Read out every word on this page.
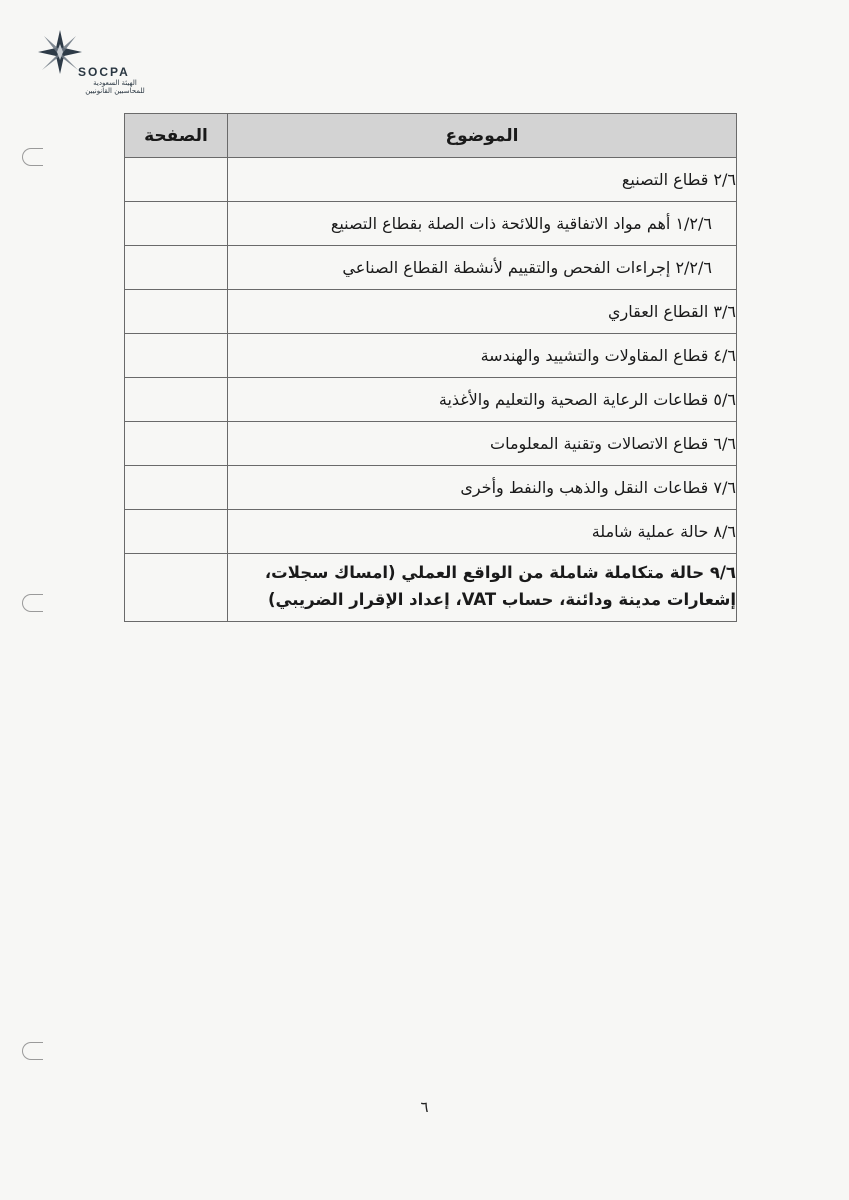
SOCPA
الهيئة السعودية
للمحاسبين القانونيين
الموضوع	الصفحة
٢/٦ قطاع التصنيع	
١/٢/٦ أهم مواد الاتفاقية واللائحة ذات الصلة بقطاع التصنيع	
٢/٢/٦ إجراءات الفحص والتقييم لأنشطة القطاع الصناعي	
٣/٦ القطاع العقاري	
٤/٦ قطاع المقاولات والتشييد والهندسة	
٥/٦ قطاعات الرعاية الصحية والتعليم والأغذية	
٦/٦ قطاع الاتصالات وتقنية المعلومات	
٧/٦ قطاعات النقل والذهب والنفط وأخرى	
٨/٦ حالة عملية شاملة	
٩/٦ حالة متكاملة شاملة من الواقع العملي (امساك سجلات، إشعارات مدينة ودائنة، حساب VAT، إعداد الإقرار الضريبي)	
٦
